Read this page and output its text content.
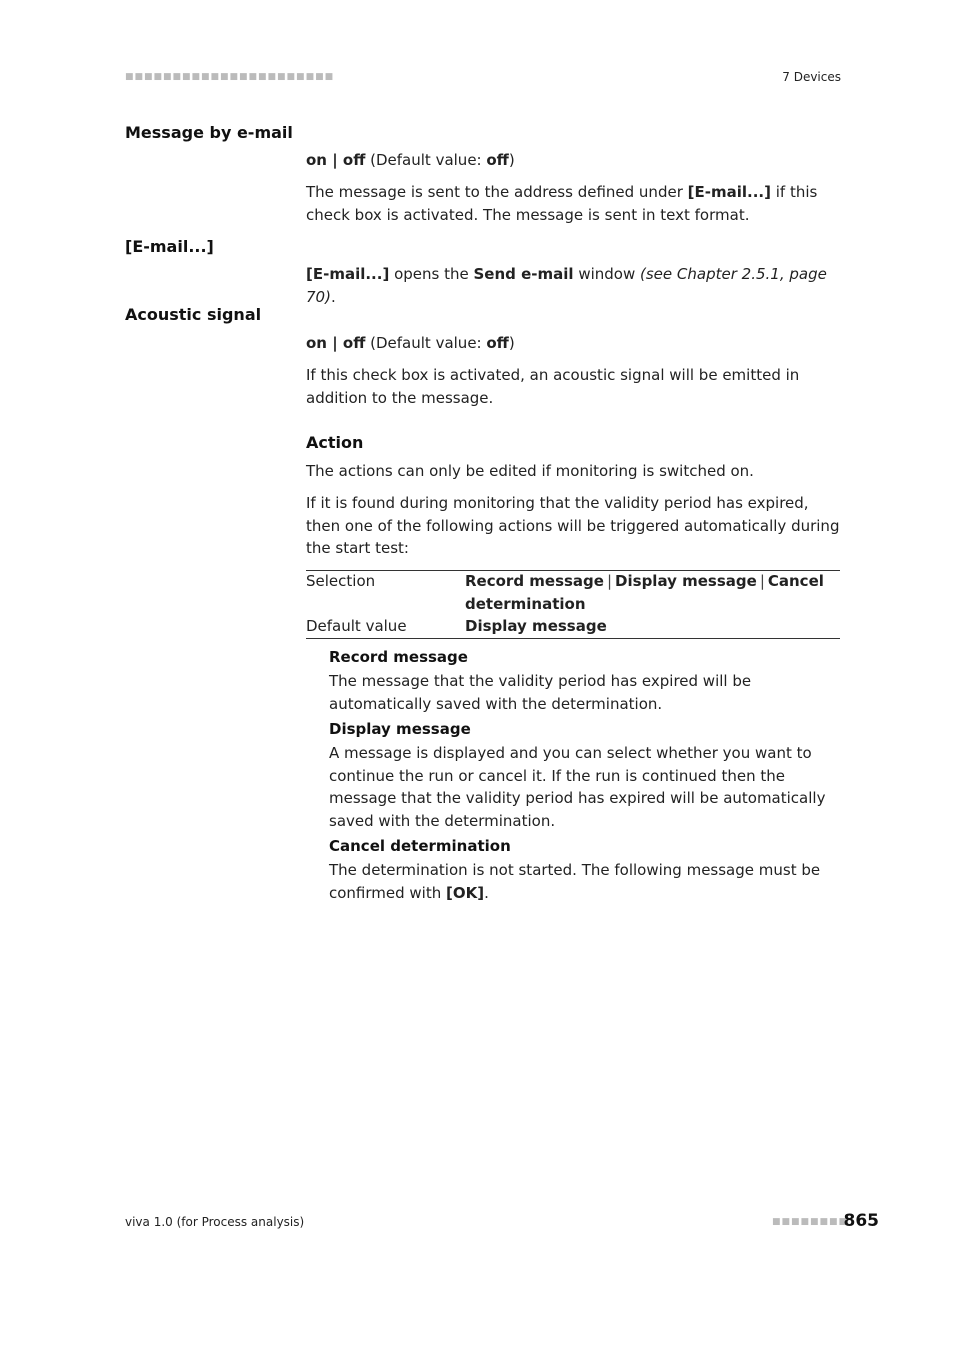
■■■■■■■■■■■■■■■■■■■■■■	7 Devices
Message by e-mail
on | off (Default value: off)
The message is sent to the address defined under [E-mail...] if this check box is activated. The message is sent in text format.
[E-mail...]
[E-mail...] opens the Send e-mail window (see Chapter 2.5.1, page 70).
Acoustic signal
on | off (Default value: off)
If this check box is activated, an acoustic signal will be emitted in addition to the message.
Action
The actions can only be edited if monitoring is switched on.
If it is found during monitoring that the validity period has expired, then one of the following actions will be triggered automatically during the start test:
Selection	Record message | Display message | Cancel determination
Default value	Display message
Record message
The message that the validity period has expired will be automatically saved with the determination.
Display message
A message is displayed and you can select whether you want to continue the run or cancel it. If the run is continued then the message that the validity period has expired will be automatically saved with the determination.
Cancel determination
The determination is not started. The following message must be confirmed with [OK].
viva 1.0 (for Process analysis)	■■■■■■■■
865
